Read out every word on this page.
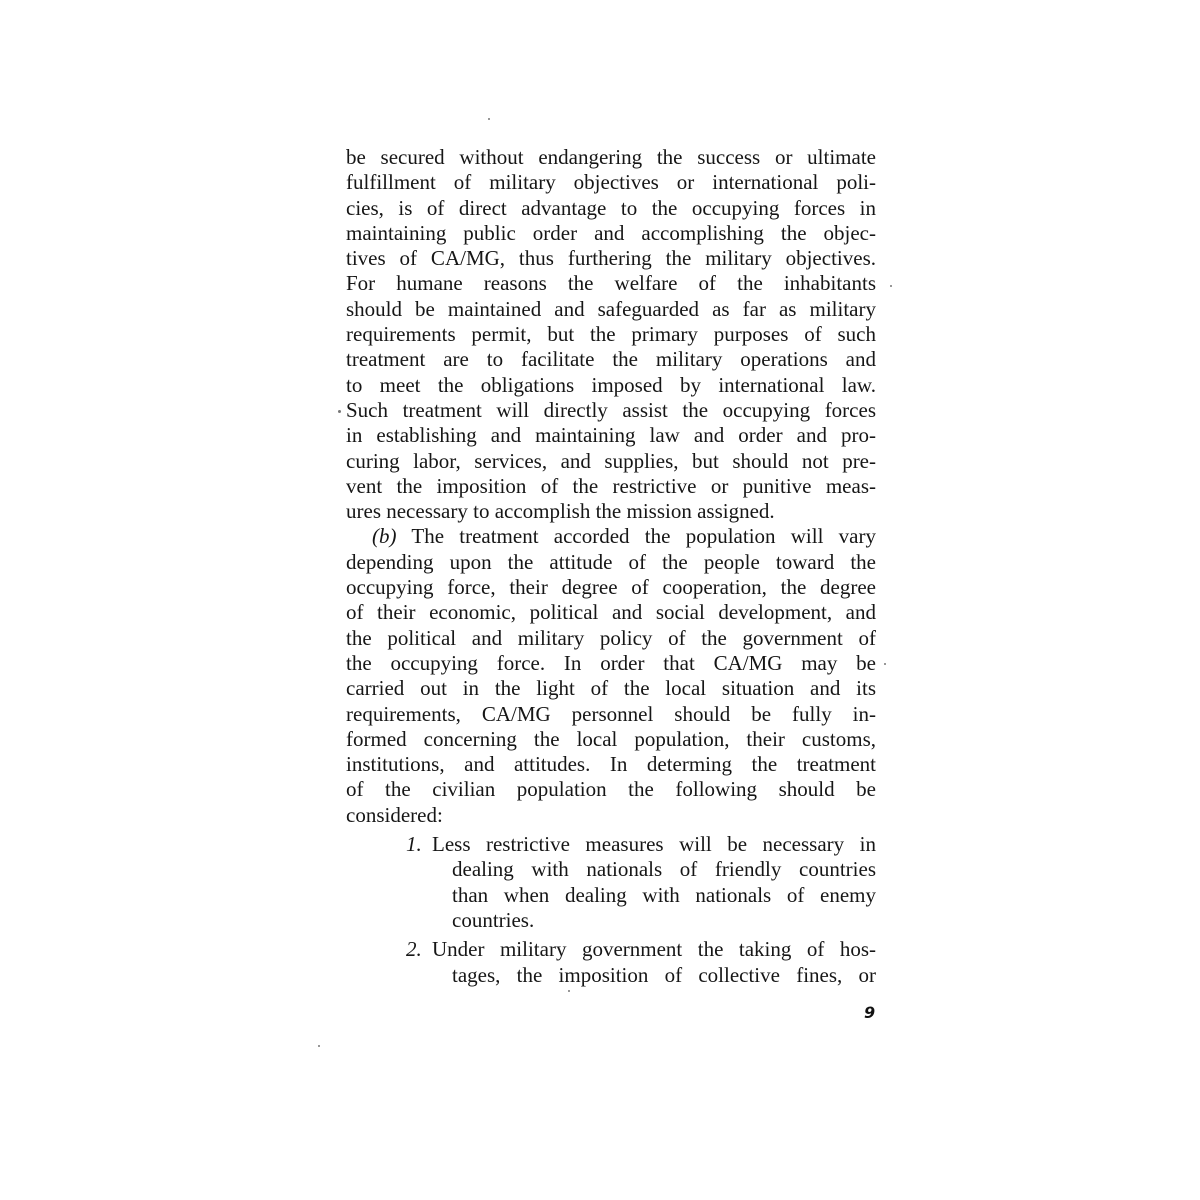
be secured without endangering the success or ultimate
fulfillment of military objectives or international poli-
cies, is of direct advantage to the occupying forces in
maintaining public order and accomplishing the objec-
tives of CA/MG, thus furthering the military objectives.
For humane reasons the welfare of the inhabitants
should be maintained and safeguarded as far as military
requirements permit, but the primary purposes of such
treatment are to facilitate the military operations and
to meet the obligations imposed by international law.
Such treatment will directly assist the occupying forces
in establishing and maintaining law and order and pro-
curing labor, services, and supplies, but should not pre-
vent the imposition of the restrictive or punitive meas-
ures necessary to accomplish the mission assigned.

(b) The treatment accorded the population will vary
depending upon the attitude of the people toward the
occupying force, their degree of cooperation, the degree
of their economic, political and social development, and
the political and military policy of the government of
the occupying force. In order that CA/MG may be
carried out in the light of the local situation and its
requirements, CA/MG personnel should be fully in-
formed concerning the local population, their customs,
institutions, and attitudes. In determing the treatment
of the civilian population the following should be
considered:

1. Less restrictive measures will be necessary in
dealing with nationals of friendly countries
than when dealing with nationals of enemy
countries.
2. Under military government the taking of hos-
tages, the imposition of collective fines, or
9
